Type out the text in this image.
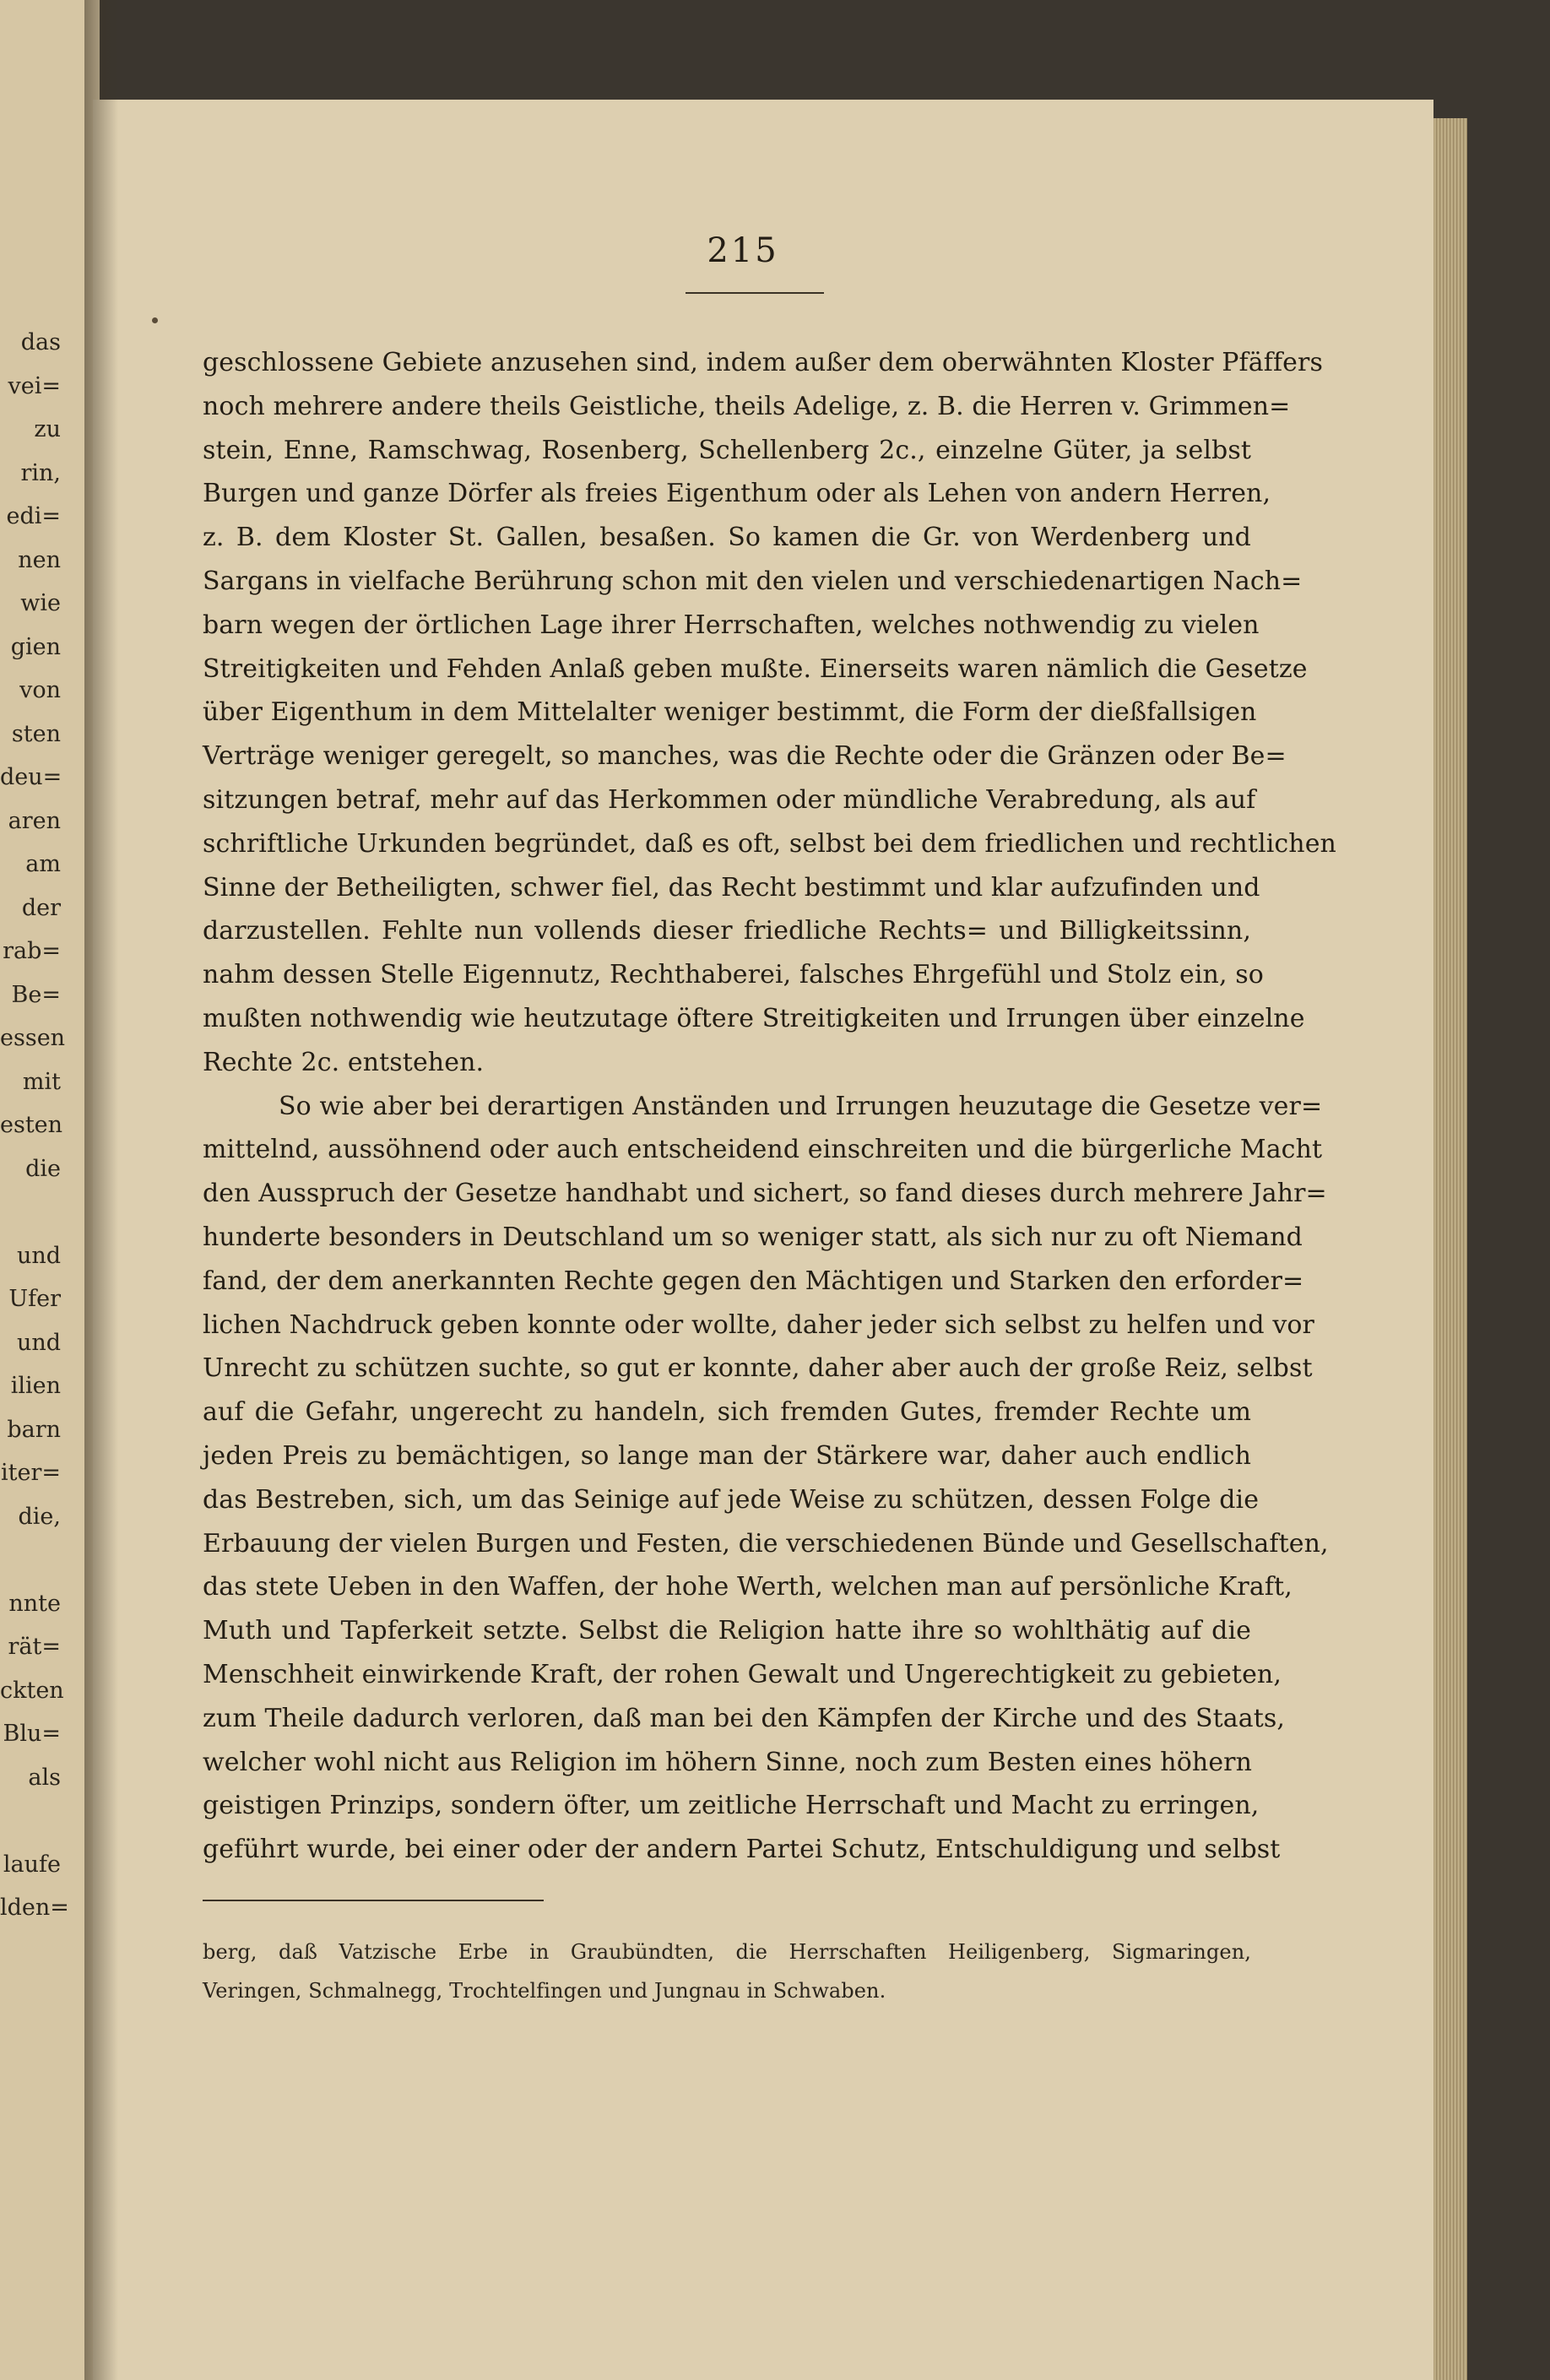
das
vei=
zu
rin,
edi=
nen
wie
gien
von
sten
deu=
aren
am
der
rab=
Be=
essen
mit
esten
die
und
Ufer
und
ilien
barn
iter=
die,
nnte
rät=
ckten
Blu=
als
laufe
lden=
215
geschlossene Gebiete anzusehen sind, indem außer dem oberwähnten Kloster Pfäffers
noch mehrere andere theils Geistliche, theils Adelige, z. B. die Herren v. Grimmen=
stein, Enne, Ramschwag, Rosenberg, Schellenberg 2c., einzelne Güter, ja selbst
Burgen und ganze Dörfer als freies Eigenthum oder als Lehen von andern Herren,
z. B. dem Kloster St. Gallen, besaßen. So kamen die Gr. von Werdenberg und
Sargans in vielfache Berührung schon mit den vielen und verschiedenartigen Nach=
barn wegen der örtlichen Lage ihrer Herrschaften, welches nothwendig zu vielen
Streitigkeiten und Fehden Anlaß geben mußte. Einerseits waren nämlich die Gesetze
über Eigenthum in dem Mittelalter weniger bestimmt, die Form der dießfallsigen
Verträge weniger geregelt, so manches, was die Rechte oder die Gränzen oder Be=
sitzungen betraf, mehr auf das Herkommen oder mündliche Verabredung, als auf
schriftliche Urkunden begründet, daß es oft, selbst bei dem friedlichen und rechtlichen
Sinne der Betheiligten, schwer fiel, das Recht bestimmt und klar aufzufinden und
darzustellen. Fehlte nun vollends dieser friedliche Rechts= und Billigkeitssinn,
nahm dessen Stelle Eigennutz, Rechthaberei, falsches Ehrgefühl und Stolz ein, so
mußten nothwendig wie heutzutage öftere Streitigkeiten und Irrungen über einzelne
Rechte 2c. entstehen.
So wie aber bei derartigen Anständen und Irrungen heuzutage die Gesetze ver=
mittelnd, aussöhnend oder auch entscheidend einschreiten und die bürgerliche Macht
den Ausspruch der Gesetze handhabt und sichert, so fand dieses durch mehrere Jahr=
hunderte besonders in Deutschland um so weniger statt, als sich nur zu oft Niemand
fand, der dem anerkannten Rechte gegen den Mächtigen und Starken den erforder=
lichen Nachdruck geben konnte oder wollte, daher jeder sich selbst zu helfen und vor
Unrecht zu schützen suchte, so gut er konnte, daher aber auch der große Reiz, selbst
auf die Gefahr, ungerecht zu handeln, sich fremden Gutes, fremder Rechte um
jeden Preis zu bemächtigen, so lange man der Stärkere war, daher auch endlich
das Bestreben, sich, um das Seinige auf jede Weise zu schützen, dessen Folge die
Erbauung der vielen Burgen und Festen, die verschiedenen Bünde und Gesellschaften,
das stete Ueben in den Waffen, der hohe Werth, welchen man auf persönliche Kraft,
Muth und Tapferkeit setzte. Selbst die Religion hatte ihre so wohlthätig auf die
Menschheit einwirkende Kraft, der rohen Gewalt und Ungerechtigkeit zu gebieten,
zum Theile dadurch verloren, daß man bei den Kämpfen der Kirche und des Staats,
welcher wohl nicht aus Religion im höhern Sinne, noch zum Besten eines höhern
geistigen Prinzips, sondern öfter, um zeitliche Herrschaft und Macht zu erringen,
geführt wurde, bei einer oder der andern Partei Schutz, Entschuldigung und selbst
berg, daß Vatzische Erbe in Graubündten, die Herrschaften Heiligenberg, Sigmaringen,
Veringen, Schmalnegg, Trochtelfingen und Jungnau in Schwaben.
